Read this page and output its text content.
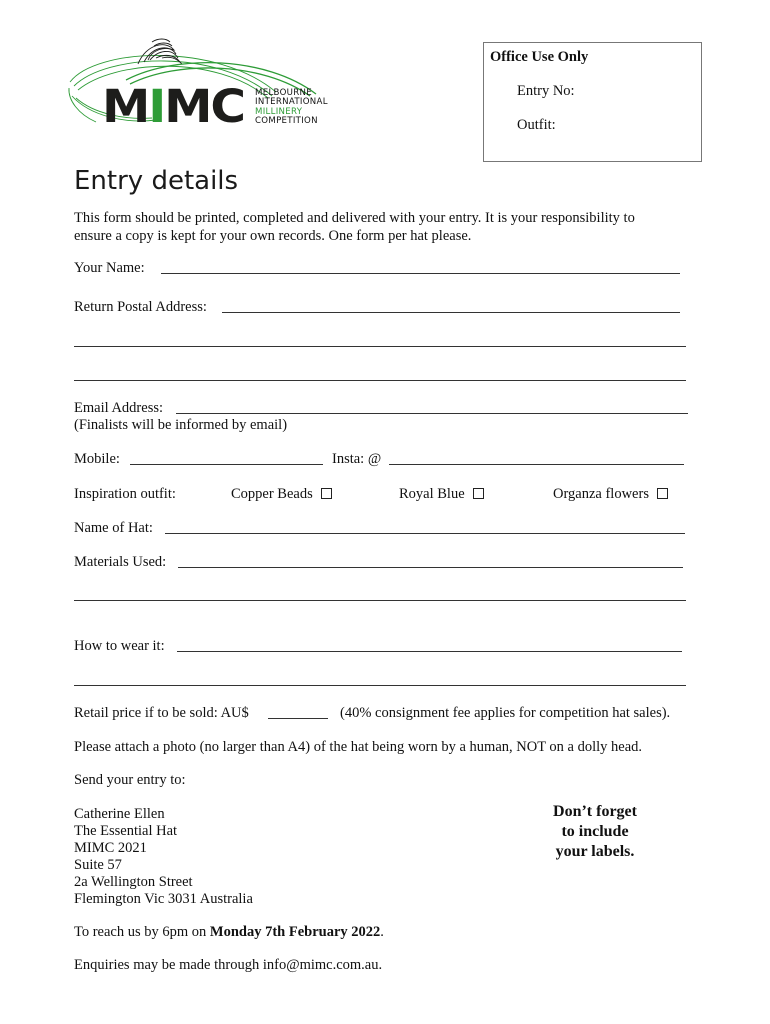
MIMC MELBOURNE
INTERNATIONAL
MILLINERY
COMPETITION
Office Use Only
Entry No:
Outfit:
Entry details
This form should be printed, completed and delivered with your entry. It is your responsibility to
ensure a copy is kept for your own records. One form per hat please.
Your Name:
Return Postal Address:
Email Address:
(Finalists will be informed by email)
Mobile:	Insta: @
Inspiration outfit:	Copper Beads	Royal Blue	Organza flowers
Name of Hat:
Materials Used:
How to wear it:
Retail price if to be sold: AU$	(40% consignment fee applies for competition hat sales).
Please attach a photo (no larger than A4) of the hat being worn by a human, NOT on a dolly head.
Send your entry to:
Catherine Ellen
The Essential Hat
MIMC 2021
Suite 57
2a Wellington Street
Flemington Vic 3031 Australia
Don’t forget
to include
your labels.
To reach us by 6pm on Monday 7th February 2022.
Enquiries may be made through info@mimc.com.au.
